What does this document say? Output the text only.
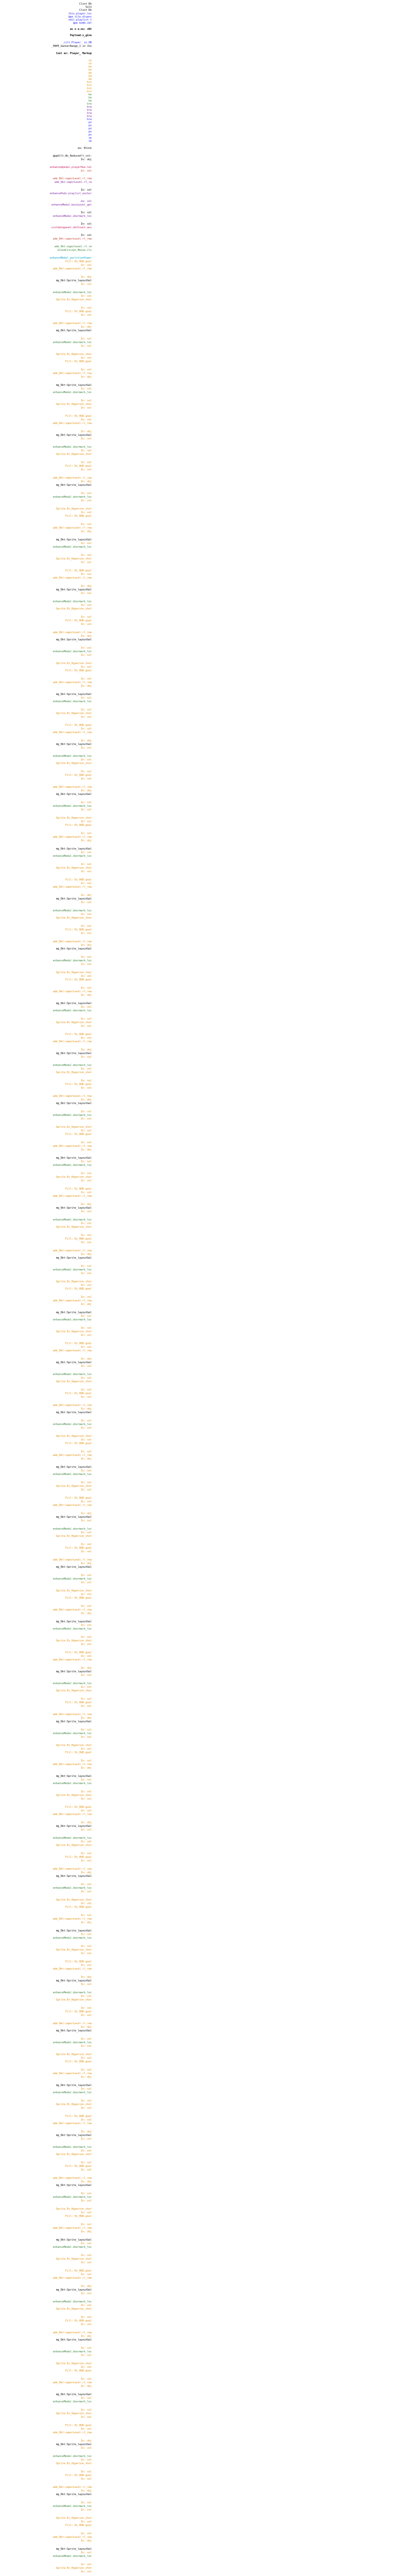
Clint Eb
Solo
Clint Eb
this.player.loc
@pe tile.dispos
ndil.playlist_t
@pe bomb.set
as o e.nu: cBt
Payload.s_give
_cilt.Player_ in_OB
_PBPE_bannerRange_1 in cho
Cool ex: Player_ Markup
sh
sh
be
be
be
ba
ba
bro
bro
bro
bro
be
be
be
brw
brw
brw
brw
brw
brw
pn
pn
pn
pn
pn
sp
sp
ea: Block
@ppbllt.Ws_Reduced!t_cnt:
In: obj
enhancedpedal.playerHue.tal
kt: cel
ade_Dkt:vaporLevel.rl_rew
ade_Dkt:vaporLevel.rl_rw
In: cel
enhancePeds.playlist_anchor
ea: cel
enhanceMedal.bossLevel_gel
In: cel
enhanceMedal.doormark_loc
In: cel
scotdatapanel.dotCount.aus
In: cel
ade_Dkt:vaporLevel.rl_rew
ade_Dkt:vaporLevel.rl_rw
bloodCitizen_Mouse.cls
enhanceMedal_partitionPower
Fill: Ex_HUD.goal
In: cel
ade_Dkt:vaporLevel.rl_rew
In: obj
mg_Dkt:Sprite_layoutGel
In: cel
enhanceMedal.doormark_loc
In: cel
Sprite.Ex_Hyperion_shot
In: cel
Fill: Ex_HUD.goal
In: cel
ade_Dkt:vaporLevel.rl_rew
In: obj
mg_Dkt:Sprite_layoutGel
In: cel
enhanceMedal.doormark_loc
In: cel
Sprite.Ex_Hyperion_shot
In: cel
Fill: Ex_HUD.goal
In: cel
ade_Dkt:vaporLevel.rl_rew
In: obj
mg_Dkt:Sprite_layoutGel
In: cel
enhanceMedal.doormark_loc
In: cel
Sprite.Ex_Hyperion_shot
In: cel
Fill: Ex_HUD.goal
In: cel
ade_Dkt:vaporLevel.rl_rew
In: obj
mg_Dkt:Sprite_layoutGel
In: cel
enhanceMedal.doormark_loc
In: cel
Sprite.Ex_Hyperion_shot
In: cel
Fill: Ex_HUD.goal
In: cel
ade_Dkt:vaporLevel.rl_rew
In: obj
mg_Dkt:Sprite_layoutGel
In: cel
enhanceMedal.doormark_loc
In: cel
Sprite.Ex_Hyperion_shot
In: cel
Fill: Ex_HUD.goal
In: cel
ade_Dkt:vaporLevel.rl_rew
In: obj
mg_Dkt:Sprite_layoutGel
In: cel
enhanceMedal.doormark_loc
In: cel
Sprite.Ex_Hyperion_shot
In: cel
Fill: Ex_HUD.goal
In: cel
ade_Dkt:vaporLevel.rl_rew
In: obj
mg_Dkt:Sprite_layoutGel
In: cel
enhanceMedal.doormark_loc
In: cel
Sprite.Ex_Hyperion_shot
In: cel
Fill: Ex_HUD.goal
In: cel
ade_Dkt:vaporLevel.rl_rew
In: obj
mg_Dkt:Sprite_layoutGel
In: cel
enhanceMedal.doormark_loc
In: cel
Sprite.Ex_Hyperion_shot
In: cel
Fill: Ex_HUD.goal
In: cel
ade_Dkt:vaporLevel.rl_rew
In: obj
mg_Dkt:Sprite_layoutGel
In: cel
enhanceMedal.doormark_loc
In: cel
Sprite.Ex_Hyperion_shot
In: cel
Fill: Ex_HUD.goal
In: cel
ade_Dkt:vaporLevel.rl_rew
In: obj
mg_Dkt:Sprite_layoutGel
In: cel
enhanceMedal.doormark_loc
In: cel
Sprite.Ex_Hyperion_shot
In: cel
Fill: Ex_HUD.goal
In: cel
ade_Dkt:vaporLevel.rl_rew
In: obj
mg_Dkt:Sprite_layoutGel
In: cel
enhanceMedal.doormark_loc
In: cel
Sprite.Ex_Hyperion_shot
In: cel
Fill: Ex_HUD.goal
In: cel
ade_Dkt:vaporLevel.rl_rew
In: obj
mg_Dkt:Sprite_layoutGel
In: cel
enhanceMedal.doormark_loc
In: cel
Sprite.Ex_Hyperion_shot
In: cel
Fill: Ex_HUD.goal
In: cel
ade_Dkt:vaporLevel.rl_rew
In: obj
mg_Dkt:Sprite_layoutGel
In: cel
enhanceMedal.doormark_loc
In: cel
Sprite.Ex_Hyperion_shot
In: cel
Fill: Ex_HUD.goal
In: cel
ade_Dkt:vaporLevel.rl_rew
In: obj
mg_Dkt:Sprite_layoutGel
In: cel
enhanceMedal.doormark_loc
In: cel
Sprite.Ex_Hyperion_shot
In: cel
Fill: Ex_HUD.goal
In: cel
ade_Dkt:vaporLevel.rl_rew
In: obj
mg_Dkt:Sprite_layoutGel
In: cel
enhanceMedal.doormark_loc
In: cel
Sprite.Ex_Hyperion_shot
In: cel
Fill: Ex_HUD.goal
In: cel
ade_Dkt:vaporLevel.rl_rew
In: obj
mg_Dkt:Sprite_layoutGel
In: cel
enhanceMedal.doormark_loc
In: cel
Sprite.Ex_Hyperion_shot
In: cel
Fill: Ex_HUD.goal
In: cel
ade_Dkt:vaporLevel.rl_rew
In: obj
mg_Dkt:Sprite_layoutGel
In: cel
enhanceMedal.doormark_loc
In: cel
Sprite.Ex_Hyperion_shot
In: cel
Fill: Ex_HUD.goal
In: cel
ade_Dkt:vaporLevel.rl_rew
In: obj
mg_Dkt:Sprite_layoutGel
In: cel
enhanceMedal.doormark_loc
In: cel
Sprite.Ex_Hyperion_shot
In: cel
Fill: Ex_HUD.goal
In: cel
ade_Dkt:vaporLevel.rl_rew
In: obj
mg_Dkt:Sprite_layoutGel
In: cel
enhanceMedal.doormark_loc
In: cel
Sprite.Ex_Hyperion_shot
In: cel
Fill: Ex_HUD.goal
In: cel
ade_Dkt:vaporLevel.rl_rew
In: obj
mg_Dkt:Sprite_layoutGel
In: cel
enhanceMedal.doormark_loc
In: cel
Sprite.Ex_Hyperion_shot
In: cel
Fill: Ex_HUD.goal
In: cel
ade_Dkt:vaporLevel.rl_rew
In: obj
mg_Dkt:Sprite_layoutGel
In: cel
enhanceMedal.doormark_loc
In: cel
Sprite.Ex_Hyperion_shot
In: cel
Fill: Ex_HUD.goal
In: cel
ade_Dkt:vaporLevel.rl_rew
In: obj
mg_Dkt:Sprite_layoutGel
In: cel
enhanceMedal.doormark_loc
In: cel
Sprite.Ex_Hyperion_shot
In: cel
Fill: Ex_HUD.goal
In: cel
ade_Dkt:vaporLevel.rl_rew
In: obj
mg_Dkt:Sprite_layoutGel
In: cel
enhanceMedal.doormark_loc
In: cel
Sprite.Ex_Hyperion_shot
In: cel
Fill: Ex_HUD.goal
In: cel
ade_Dkt:vaporLevel.rl_rew
In: obj
mg_Dkt:Sprite_layoutGel
In: cel
enhanceMedal.doormark_loc
In: cel
Sprite.Ex_Hyperion_shot
In: cel
Fill: Ex_HUD.goal
In: cel
ade_Dkt:vaporLevel.rl_rew
In: obj
mg_Dkt:Sprite_layoutGel
In: cel
enhanceMedal.doormark_loc
In: cel
Sprite.Ex_Hyperion_shot
In: cel
Fill: Ex_HUD.goal
In: cel
ade_Dkt:vaporLevel.rl_rew
In: obj
mg_Dkt:Sprite_layoutGel
In: cel
enhanceMedal.doormark_loc
In: cel
Sprite.Ex_Hyperion_shot
In: cel
Fill: Ex_HUD.goal
In: cel
ade_Dkt:vaporLevel.rl_rew
In: obj
mg_Dkt:Sprite_layoutGel
In: cel
enhanceMedal.doormark_loc
In: cel
Sprite.Ex_Hyperion_shot
In: cel
Fill: Ex_HUD.goal
In: cel
ade_Dkt:vaporLevel.rl_rew
In: obj
mg_Dkt:Sprite_layoutGel
In: cel
enhanceMedal.doormark_loc
In: cel
Sprite.Ex_Hyperion_shot
In: cel
Fill: Ex_HUD.goal
In: cel
ade_Dkt:vaporLevel.rl_rew
In: obj
mg_Dkt:Sprite_layoutGel
In: cel
enhanceMedal.doormark_loc
In: cel
Sprite.Ex_Hyperion_shot
In: cel
Fill: Ex_HUD.goal
In: cel
ade_Dkt:vaporLevel.rl_rew
In: obj
mg_Dkt:Sprite_layoutGel
In: cel
enhanceMedal.doormark_loc
In: cel
Sprite.Ex_Hyperion_shot
In: cel
Fill: Ex_HUD.goal
In: cel
ade_Dkt:vaporLevel.rl_rew
In: obj
mg_Dkt:Sprite_layoutGel
In: cel
enhanceMedal.doormark_loc
In: cel
Sprite.Ex_Hyperion_shot
In: cel
Fill: Ex_HUD.goal
In: cel
ade_Dkt:vaporLevel.rl_rew
In: obj
mg_Dkt:Sprite_layoutGel
In: cel
enhanceMedal.doormark_loc
In: cel
Sprite.Ex_Hyperion_shot
In: cel
Fill: Ex_HUD.goal
In: cel
ade_Dkt:vaporLevel.rl_rew
In: obj
mg_Dkt:Sprite_layoutGel
In: cel
enhanceMedal.doormark_loc
In: cel
Sprite.Ex_Hyperion_shot
In: cel
Fill: Ex_HUD.goal
In: cel
ade_Dkt:vaporLevel.rl_rew
In: obj
mg_Dkt:Sprite_layoutGel
In: cel
enhanceMedal.doormark_loc
In: cel
Sprite.Ex_Hyperion_shot
In: cel
Fill: Ex_HUD.goal
In: cel
ade_Dkt:vaporLevel.rl_rew
In: obj
mg_Dkt:Sprite_layoutGel
In: cel
enhanceMedal.doormark_loc
In: cel
Sprite.Ex_Hyperion_shot
In: cel
Fill: Ex_HUD.goal
In: cel
ade_Dkt:vaporLevel.rl_rew
In: obj
mg_Dkt:Sprite_layoutGel
In: cel
enhanceMedal.doormark_loc
In: cel
Sprite.Ex_Hyperion_shot
In: cel
Fill: Ex_HUD.goal
In: cel
ade_Dkt:vaporLevel.rl_rew
In: obj
mg_Dkt:Sprite_layoutGel
In: cel
enhanceMedal.doormark_loc
In: cel
Sprite.Ex_Hyperion_shot
In: cel
Fill: Ex_HUD.goal
In: cel
ade_Dkt:vaporLevel.rl_rew
In: obj
mg_Dkt:Sprite_layoutGel
In: cel
enhanceMedal.doormark_loc
In: cel
Sprite.Ex_Hyperion_shot
In: cel
Fill: Ex_HUD.goal
In: cel
ade_Dkt:vaporLevel.rl_rew
In: obj
mg_Dkt:Sprite_layoutGel
In: cel
enhanceMedal.doormark_loc
In: cel
Sprite.Ex_Hyperion_shot
In: cel
Fill: Ex_HUD.goal
In: cel
ade_Dkt:vaporLevel.rl_rew
In: obj
mg_Dkt:Sprite_layoutGel
In: cel
enhanceMedal.doormark_loc
In: cel
Sprite.Ex_Hyperion_shot
In: cel
Fill: Ex_HUD.goal
In: cel
ade_Dkt:vaporLevel.rl_rew
In: obj
mg_Dkt:Sprite_layoutGel
In: cel
enhanceMedal.doormark_loc
In: cel
Sprite.Ex_Hyperion_shot
In: cel
Fill: Ex_HUD.goal
In: cel
ade_Dkt:vaporLevel.rl_rew
In: obj
mg_Dkt:Sprite_layoutGel
In: cel
enhanceMedal.doormark_loc
In: cel
Sprite.Ex_Hyperion_shot
In: cel
Fill: Ex_HUD.goal
In: cel
ade_Dkt:vaporLevel.rl_rew
In: obj
mg_Dkt:Sprite_layoutGel
In: cel
enhanceMedal.doormark_loc
In: cel
Sprite.Ex_Hyperion_shot
In: cel
Fill: Ex_HUD.goal
In: cel
ade_Dkt:vaporLevel.rl_rew
In: obj
mg_Dkt:Sprite_layoutGel
In: cel
enhanceMedal.doormark_loc
In: cel
Sprite.Ex_Hyperion_shot
In: cel
Fill: Ex_HUD.goal
In: cel
ade_Dkt:vaporLevel.rl_rew
In: obj
mg_Dkt:Sprite_layoutGel
In: cel
enhanceMedal.doormark_loc
In: cel
Sprite.Ex_Hyperion_shot
In: cel
